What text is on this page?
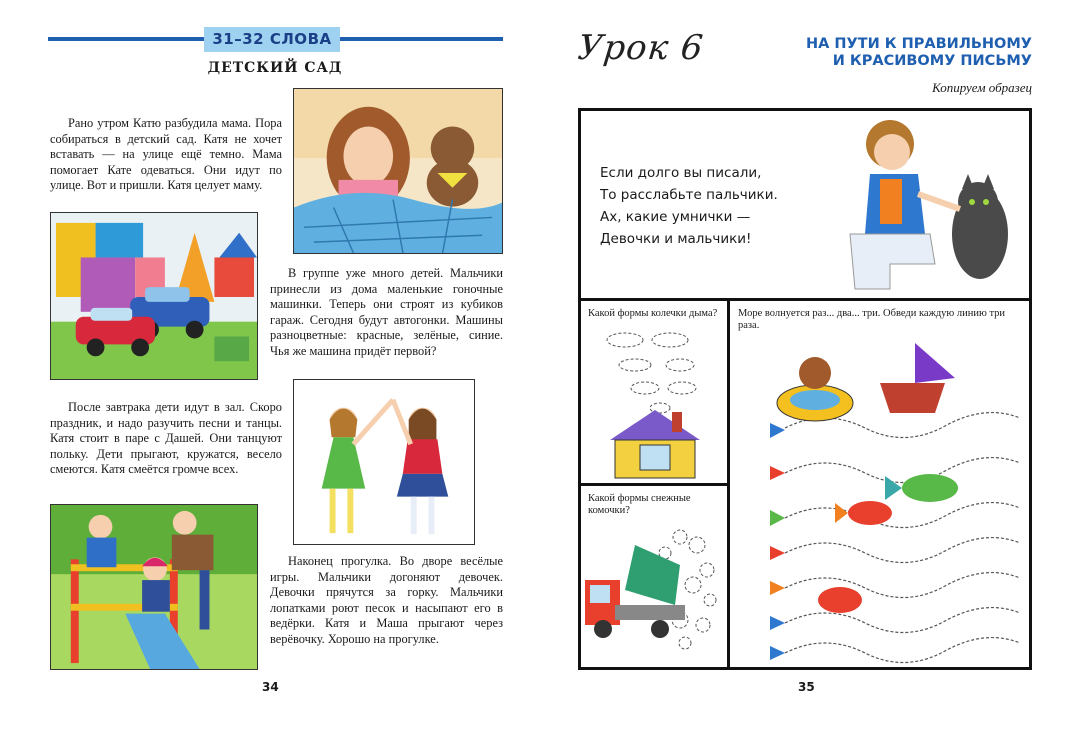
31–32 СЛОВА
ДЕТСКИЙ САД
Рано утром Катю разбудила мама. Пора собираться в детский сад. Катя не хочет вставать — на улице ещё темно. Мама помогает Кате одеваться. Они идут по улице. Вот и пришли. Катя целует маму.
В группе уже много детей. Мальчики принесли из дома маленькие гоночные машинки. Теперь они строят из кубиков гараж. Сегодня будут автогонки. Машины разноцветные: красные, зелёные, синие. Чья же машина придёт первой?
После завтрака дети идут в зал. Скоро праздник, и надо разучить песни и танцы. Катя стоит в паре с Дашей. Они танцуют польку. Дети прыгают, кружатся, весело смеются. Катя смеётся громче всех.
Наконец прогулка. Во дворе весёлые игры. Мальчики догоняют девочек. Девочки прячутся за горку. Мальчики лопатками роют песок и насыпают его в ведёрки. Катя и Маша прыгают через верёвочку. Хорошо на прогулке.
34
Урок 6	НА ПУТИ К ПРАВИЛЬНОМУ
И КРАСИВОМУ ПИСЬМУ
Копируем образец
Если долго вы писали,
То расслабьте пальчики.
Ах, какие умнички —
Девочки и мальчики!
Какой формы колечки дыма?
Какой формы снежные комочки?
Море волнуется раз... два... три. Обведи каждую линию три раза.
35
